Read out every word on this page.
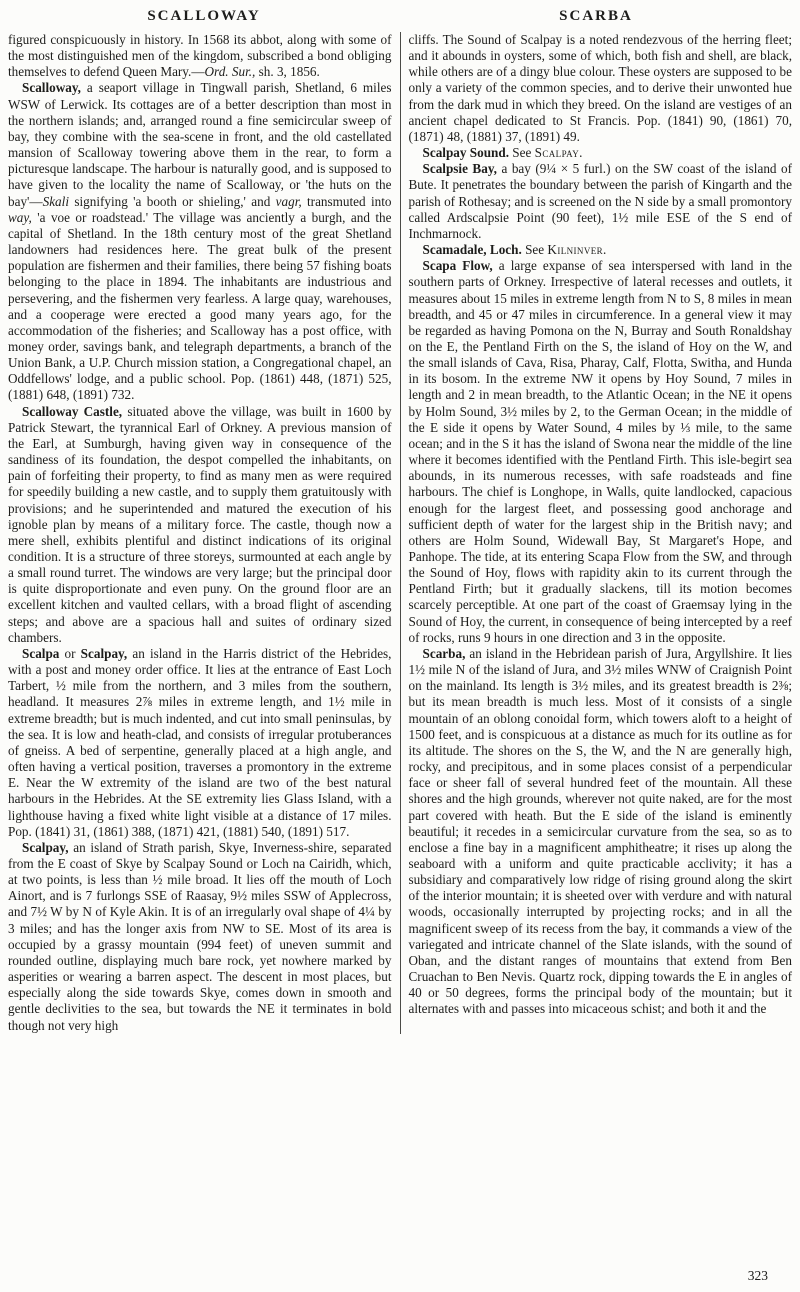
SCALLOWAY	SCARBA

figured conspicuously in history. In 1568 its abbot, along with some of the most distinguished men of the kingdom, subscribed a bond obliging themselves to defend Queen Mary.—Ord. Sur., sh. 3, 1856.

Scalloway, a seaport village in Tingwall parish, Shetland, 6 miles WSW of Lerwick. Its cottages are of a better description than most in the northern islands; and, arranged round a fine semicircular sweep of bay, they combine with the sea-scene in front, and the old castellated mansion of Scalloway towering above them in the rear, to form a picturesque landscape. The harbour is naturally good, and is supposed to have given to the locality the name of Scalloway, or 'the huts on the bay'—Skali signifying 'a booth or shieling,' and vagr, transmuted into way, 'a voe or roadstead.' The village was anciently a burgh, and the capital of Shetland. In the 18th century most of the great Shetland landowners had residences here. The great bulk of the present population are fishermen and their families, there being 57 fishing boats belonging to the place in 1894. The inhabitants are industrious and persevering, and the fishermen very fearless. A large quay, warehouses, and a cooperage were erected a good many years ago, for the accommodation of the fisheries; and Scalloway has a post office, with money order, savings bank, and telegraph departments, a branch of the Union Bank, a U.P. Church mission station, a Congregational chapel, an Oddfellows' lodge, and a public school. Pop. (1861) 448, (1871) 525, (1881) 648, (1891) 732.

Scalloway Castle, situated above the village, was built in 1600 by Patrick Stewart, the tyrannical Earl of Orkney. A previous mansion of the Earl, at Sumburgh, having given way in consequence of the sandiness of its foundation, the despot compelled the inhabitants, on pain of forfeiting their property, to find as many men as were required for speedily building a new castle, and to supply them gratuitously with provisions; and he superintended and matured the execution of his ignoble plan by means of a military force. The castle, though now a mere shell, exhibits plentiful and distinct indications of its original condition. It is a structure of three storeys, surmounted at each angle by a small round turret. The windows are very large; but the principal door is quite disproportionate and even puny. On the ground floor are an excellent kitchen and vaulted cellars, with a broad flight of ascending steps; and above are a spacious hall and suites of ordinary sized chambers.

Scalpa or Scalpay, an island in the Harris district of the Hebrides, with a post and money order office. It lies at the entrance of East Loch Tarbert, ½ mile from the northern, and 3 miles from the southern, headland. It measures 2⅞ miles in extreme length, and 1½ mile in extreme breadth; but is much indented, and cut into small peninsulas, by the sea. It is low and heath-clad, and consists of irregular protuberances of gneiss. A bed of serpentine, generally placed at a high angle, and often having a vertical position, traverses a promontory in the extreme E. Near the W extremity of the island are two of the best natural harbours in the Hebrides. At the SE extremity lies Glass Island, with a lighthouse having a fixed white light visible at a distance of 17 miles. Pop. (1841) 31, (1861) 388, (1871) 421, (1881) 540, (1891) 517.

Scalpay, an island of Strath parish, Skye, Inverness-shire, separated from the E coast of Skye by Scalpay Sound or Loch na Cairidh, which, at two points, is less than ½ mile broad. It lies off the mouth of Loch Ainort, and is 7 furlongs SSE of Raasay, 9½ miles SSW of Applecross, and 7½ W by N of Kyle Akin. It is of an irregularly oval shape of 4¼ by 3 miles; and has the longer axis from NW to SE. Most of its area is occupied by a grassy mountain (994 feet) of uneven summit and rounded outline, displaying much bare rock, yet nowhere marked by asperities or wearing a barren aspect. The descent in most places, but especially along the side towards Skye, comes down in smooth and gentle declivities to the sea, but towards the NE it terminates in bold though not very high

cliffs. The Sound of Scalpay is a noted rendezvous of the herring fleet; and it abounds in oysters, some of which, both fish and shell, are black, while others are of a dingy blue colour. These oysters are supposed to be only a variety of the common species, and to derive their unwonted hue from the dark mud in which they breed. On the island are vestiges of an ancient chapel dedicated to St Francis. Pop. (1841) 90, (1861) 70, (1871) 48, (1881) 37, (1891) 49.

Scalpay Sound. See Scalpay.

Scalpsie Bay, a bay (9¼ × 5 furl.) on the SW coast of the island of Bute. It penetrates the boundary between the parish of Kingarth and the parish of Rothesay; and is screened on the N side by a small promontory called Ardscalpsie Point (90 feet), 1½ mile ESE of the S end of Inchmarnock.

Scamadale, Loch. See Kilninver.

Scapa Flow, a large expanse of sea interspersed with land in the southern parts of Orkney. Irrespective of lateral recesses and outlets, it measures about 15 miles in extreme length from N to S, 8 miles in mean breadth, and 45 or 47 miles in circumference. In a general view it may be regarded as having Pomona on the N, Burray and South Ronaldshay on the E, the Pentland Firth on the S, the island of Hoy on the W, and the small islands of Cava, Risa, Pharay, Calf, Flotta, Switha, and Hunda in its bosom. In the extreme NW it opens by Hoy Sound, 7 miles in length and 2 in mean breadth, to the Atlantic Ocean; in the NE it opens by Holm Sound, 3½ miles by 2, to the German Ocean; in the middle of the E side it opens by Water Sound, 4 miles by ⅓ mile, to the same ocean; and in the S it has the island of Swona near the middle of the line where it becomes identified with the Pentland Firth. This isle-begirt sea abounds, in its numerous recesses, with safe roadsteads and fine harbours. The chief is Longhope, in Walls, quite landlocked, capacious enough for the largest fleet, and possessing good anchorage and sufficient depth of water for the largest ship in the British navy; and others are Holm Sound, Widewall Bay, St Margaret's Hope, and Panhope. The tide, at its entering Scapa Flow from the SW, and through the Sound of Hoy, flows with rapidity akin to its current through the Pentland Firth; but it gradually slackens, till its motion becomes scarcely perceptible. At one part of the coast of Graemsay lying in the Sound of Hoy, the current, in consequence of being intercepted by a reef of rocks, runs 9 hours in one direction and 3 in the opposite.

Scarba, an island in the Hebridean parish of Jura, Argyllshire. It lies 1½ mile N of the island of Jura, and 3½ miles WNW of Craignish Point on the mainland. Its length is 3½ miles, and its greatest breadth is 2⅜; but its mean breadth is much less. Most of it consists of a single mountain of an oblong conoidal form, which towers aloft to a height of 1500 feet, and is conspicuous at a distance as much for its outline as for its altitude. The shores on the S, the W, and the N are generally high, rocky, and precipitous, and in some places consist of a perpendicular face or sheer fall of several hundred feet of the mountain. All these shores and the high grounds, wherever not quite naked, are for the most part covered with heath. But the E side of the island is eminently beautiful; it recedes in a semicircular curvature from the sea, so as to enclose a fine bay in a magnificent amphitheatre; it rises up along the seaboard with a uniform and quite practicable acclivity; it has a subsidiary and comparatively low ridge of rising ground along the skirt of the interior mountain; it is sheeted over with verdure and with natural woods, occasionally interrupted by projecting rocks; and in all the magnificent sweep of its recess from the bay, it commands a view of the variegated and intricate channel of the Slate islands, with the sound of Oban, and the distant ranges of mountains that extend from Ben Cruachan to Ben Nevis. Quartz rock, dipping towards the E in angles of 40 or 50 degrees, forms the principal body of the mountain; but it alternates with and passes into micaceous schist; and both it and the

323
